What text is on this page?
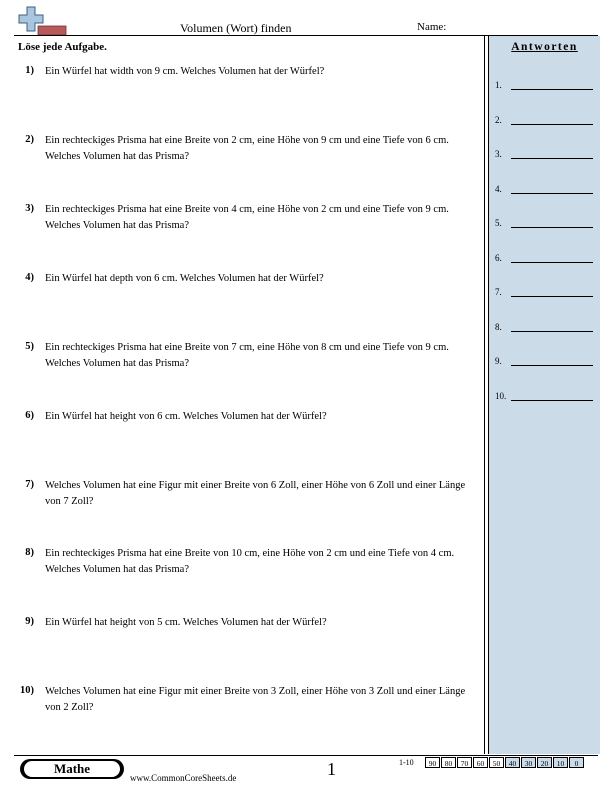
Volumen (Wort) finden	Name:
Löse jede Aufgabe.
1) Ein Würfel hat width von 9 cm. Welches Volumen hat der Würfel?
2) Ein rechteckiges Prisma hat eine Breite von 2 cm, eine Höhe von 9 cm und eine Tiefe von 6 cm. Welches Volumen hat das Prisma?
3) Ein rechteckiges Prisma hat eine Breite von 4 cm, eine Höhe von 2 cm und eine Tiefe von 9 cm. Welches Volumen hat das Prisma?
4) Ein Würfel hat depth von 6 cm. Welches Volumen hat der Würfel?
5) Ein rechteckiges Prisma hat eine Breite von 7 cm, eine Höhe von 8 cm und eine Tiefe von 9 cm. Welches Volumen hat das Prisma?
6) Ein Würfel hat height von 6 cm. Welches Volumen hat der Würfel?
7) Welches Volumen hat eine Figur mit einer Breite von 6 Zoll, einer Höhe von 6 Zoll und einer Länge von 7 Zoll?
8) Ein rechteckiges Prisma hat eine Breite von 10 cm, eine Höhe von 2 cm und eine Tiefe von 4 cm. Welches Volumen hat das Prisma?
9) Ein Würfel hat height von 5 cm. Welches Volumen hat der Würfel?
10) Welches Volumen hat eine Figur mit einer Breite von 3 Zoll, einer Höhe von 3 Zoll und einer Länge von 2 Zoll?
Antworten
1.
2.
3.
4.
5.
6.
7.
8.
9.
10.
Mathe
www.CommonCoreSheets.de	1	1-10	90	80	70	60	50	40	30	20	10	0
